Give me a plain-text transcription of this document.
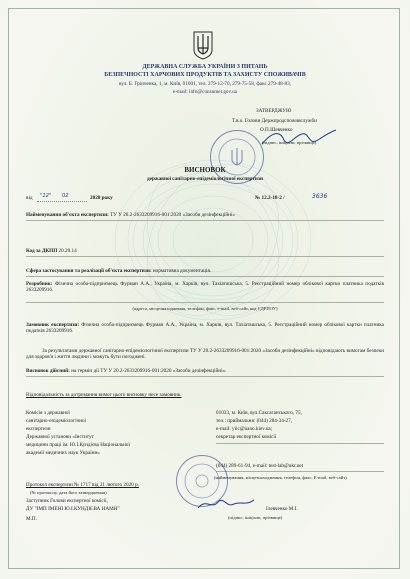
ДЕРЖАВНА СЛУЖБА УКРАЇНИ З ПИТАНЬ
БЕЗПЕЧНОСТІ ХАРЧОВИХ ПРОДУКТІВ ТА ЗАХИСТУ СПОЖИВАЧІВ
вул. Б. Грінченка, 1, м. Київ, 01001, тел. 279-12-70, 279-75-58, факс 279-48-83,
e-mail: info@consumer.gov.ua
ЗАТВЕРДЖУЮ
Т.в.о. Голови Держпродспоживслужби
О.П.Шевченко
(підпис, ініціали, прізвище)
ВИСНОВОК
державної санітарно-епідеміологічної експертизи
від "12" 02	2020 року	№ 12.2-18-2 /	3636
Найменування об'єкта експертизи: ТУ У 20.2-2633209916-001:2020 «Засоби дезінфекційні»
Код за ДКПП 20.20.14
Сфера застосування та реалізації об'єкта експертизи: нормативна документація.
Розробник: Фізична особа-підприємець Фурман А.А., Україна, м. Харків, вул. Тахіаташська, 5. Реєстраційний номер облікової картки платника податків 2633209916.
(адреса, місцезнаходження, телефон, факс, e-mail, веб-сайт, код ЄДРПОУ)
Замовник експертизи: Фізична особа-підприємець Фурман А.А., Україна, м. Харків, вул. Тахіаташська, 5. Реєстраційний номер облікової картки платника податків 2633209916.
За результатами державної санітарно-епідеміологічної експертизи ТУ У 20.2-2633209916-001:2020 «Засоби дезінфекційні» відповідають вимогам безпеки для здоров'я і життя людини і можуть бути погоджені.
Висновок дійсний: на термін дії ТУ У 20.2-2633209916-001:2020 «Засоби дезінфекційні».
Відповідальність за дотримання вимог цього висновку несе замовник.
Комісія з державної
санітарно-епідеміологічної
експертизи
Державної установи «Інститут
медицини праці ім. Ю.І.Кундієва Національної
академії медичних наук України»
01033, м. Київ, вул.Саксаганського, 75,
тел.: приймальня: (044) 284-34-27,
e-mail: yiic@nano.kiev.ua;
секретар експертної комісії
(044) 289-61-94, e-mail: test-lab@ukr.net
(найменування, місцезнаходження, телефон, факс, E-mail, веб-сайт)
Протокол експертизи № 1717 від 21 лютого 2020 р.
(№ протоколу, дата його затвердження)
Заступник Голови експертної комісії,
ДУ "ІМП ІМЕНІ Ю.І.КУНДІЄВА НАМН"	Ілевченко М.І.
М.П.	(підпис, ініціали, прізвище)
